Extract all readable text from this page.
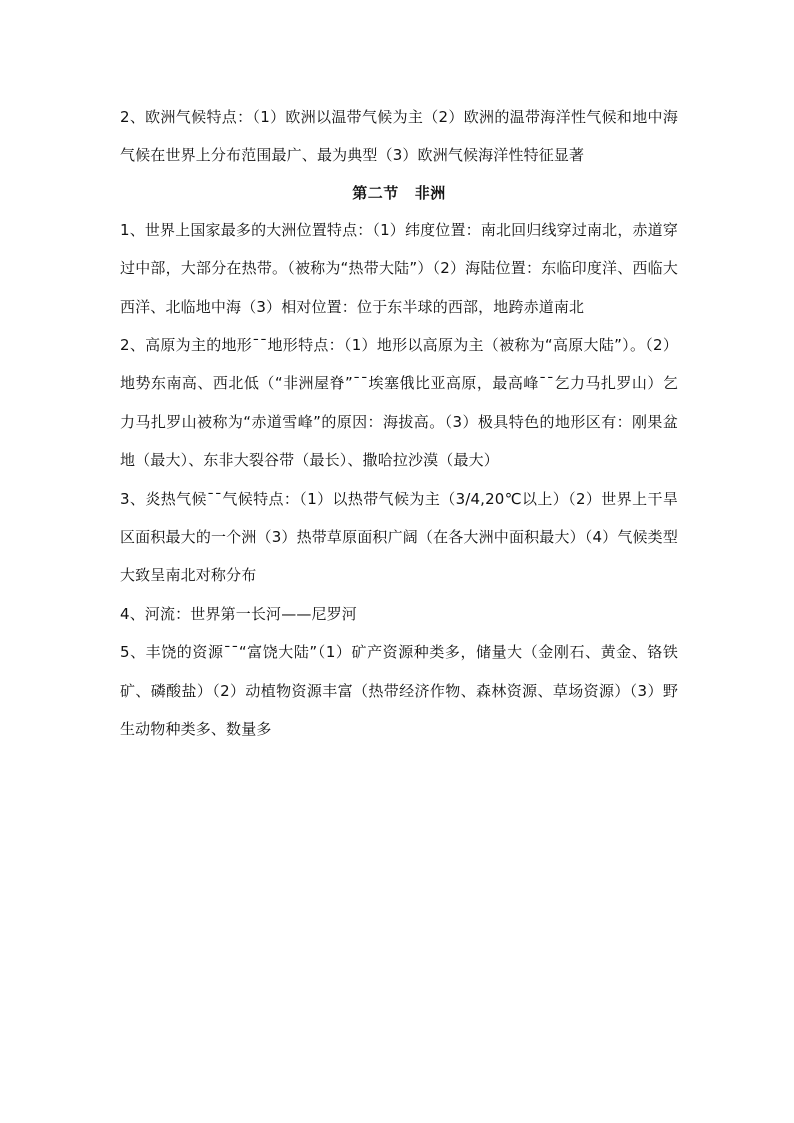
2、欧洲气候特点：（1）欧洲以温带气候为主（2）欧洲的温带海洋性气候和地中海气候在世界上分布范围最广、最为典型（3）欧洲气候海洋性特征显著

第二节 非洲

1、世界上国家最多的大洲位置特点：（1）纬度位置：南北回归线穿过南北，赤道穿过中部，大部分在热带。（被称为“热带大陆”）（2）海陆位置：东临印度洋、西临大西洋、北临地中海（3）相对位置：位于东半球的西部，地跨赤道南北

2、高原为主的地形¯¯地形特点：（1）地形以高原为主（被称为“高原大陆”）。（2）地势东南高、西北低（“非洲屋脊”¯¯埃塞俄比亚高原，最高峰¯¯乞力马扎罗山）乞力马扎罗山被称为“赤道雪峰”的原因：海拔高。（3）极具特色的地形区有：刚果盆地（最大）、东非大裂谷带（最长）、撒哈拉沙漠（最大）

3、炎热气候¯¯气候特点：（1）以热带气候为主（3/4,20℃以上）（2）世界上干旱区面积最大的一个洲（3）热带草原面积广阔（在各大洲中面积最大）（4）气候类型大致呈南北对称分布

4、河流：世界第一长河——尼罗河

5、丰饶的资源¯¯“富饶大陆”（1）矿产资源种类多，储量大（金刚石、黄金、铬铁矿、磷酸盐）（2）动植物资源丰富（热带经济作物、森林资源、草场资源）（3）野生动物种类多、数量多
